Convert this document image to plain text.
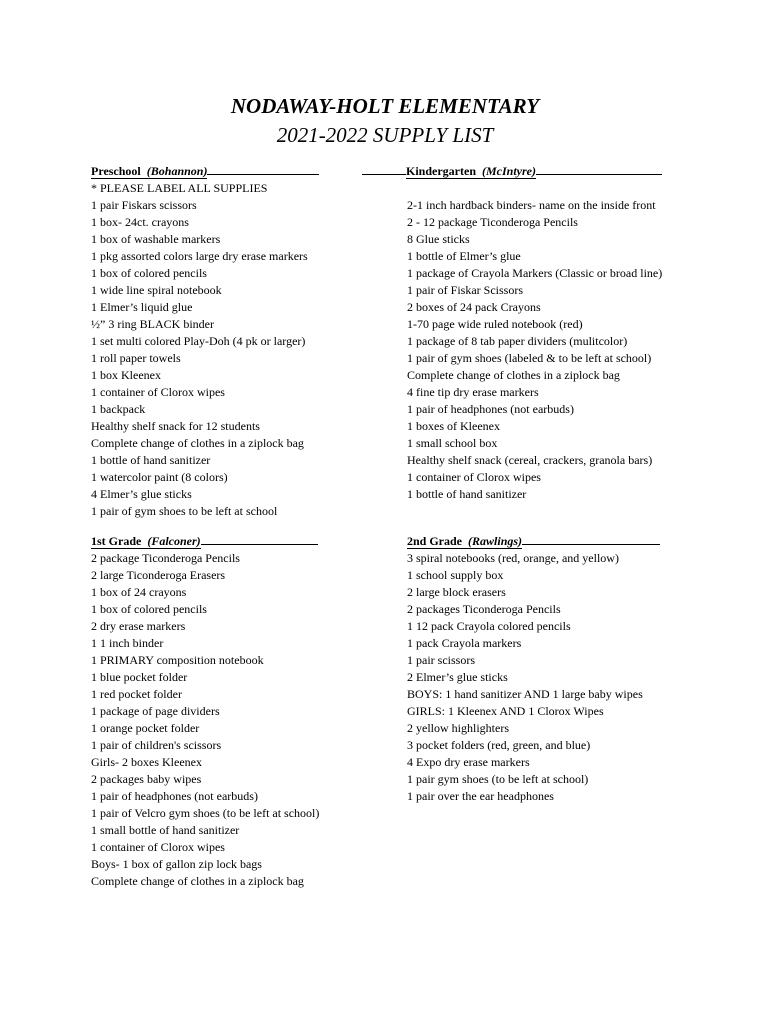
NODAWAY-HOLT ELEMENTARY
2021-2022 SUPPLY LIST
Preschool (Bohannon)
* PLEASE LABEL ALL SUPPLIES
1 pair Fiskars scissors
1 box- 24ct. crayons
1 box of washable markers
1 pkg assorted colors large dry erase markers
1 box of colored pencils
1 wide line spiral notebook
1 Elmer’s liquid glue
½” 3 ring BLACK binder
1 set multi colored Play-Doh (4 pk or larger)
1 roll paper towels
1 box Kleenex
1 container of Clorox wipes
1 backpack
Healthy shelf snack for 12 students
Complete change of clothes in a ziplock bag
1 bottle of hand sanitizer
1 watercolor paint (8 colors)
4 Elmer’s glue sticks
1 pair of gym shoes to be left at school
Kindergarten (McIntyre)

2-1 inch hardback binders- name on the inside front
2 - 12 package Ticonderoga Pencils
8 Glue sticks
1 bottle of Elmer’s glue
1 package of Crayola Markers (Classic or broad line)
1 pair of Fiskar Scissors
2 boxes of 24 pack Crayons
1-70 page wide ruled notebook (red)
1 package of 8 tab paper dividers (mulitcolor)
1 pair of gym shoes (labeled & to be left at school)
Complete change of clothes in a ziplock bag
4 fine tip dry erase markers
1 pair of headphones (not earbuds)
1 boxes of Kleenex
1 small school box
Healthy shelf snack (cereal, crackers, granola bars)
1 container of Clorox wipes
1 bottle of hand sanitizer
1st Grade (Falconer)
2 package Ticonderoga Pencils
2 large Ticonderoga Erasers
1 box of 24 crayons
1 box of colored pencils
2 dry erase markers
1 1 inch binder
1 PRIMARY composition notebook
1 blue pocket folder
1 red pocket folder
1 package of page dividers
1 orange pocket folder
1 pair of children's scissors
Girls- 2 boxes Kleenex
2 packages baby wipes
1 pair of headphones (not earbuds)
1 pair of Velcro gym shoes (to be left at school)
1 small bottle of hand sanitizer
1 container of Clorox wipes
Boys- 1 box of gallon zip lock bags
Complete change of clothes in a ziplock bag
2nd Grade (Rawlings)
3 spiral notebooks (red, orange, and yellow)
1 school supply box
2 large block erasers
2 packages Ticonderoga Pencils
1 12 pack Crayola colored pencils
1 pack Crayola markers
1 pair scissors
2 Elmer’s glue sticks
BOYS: 1 hand sanitizer AND 1 large baby wipes
GIRLS: 1 Kleenex AND 1 Clorox Wipes
2 yellow highlighters
3 pocket folders (red, green, and blue)
4 Expo dry erase markers
1 pair gym shoes (to be left at school)
1 pair over the ear headphones
